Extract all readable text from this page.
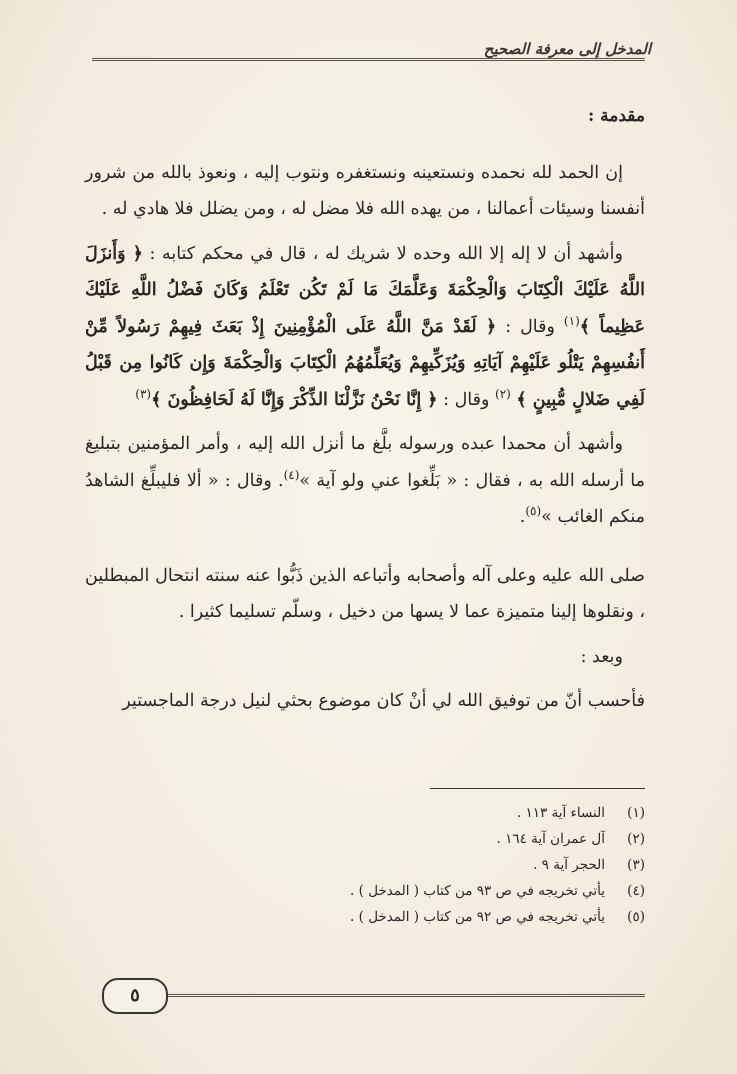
المدخل إلى معرفة الصحيح

مقدمة :

إن الحمد لله نحمده ونستعينه ونستغفره ونتوب إليه ، ونعوذ بالله من شرور أنفسنا وسيئات أعمالنا ، من يهده الله فلا مضل له ، ومن يضلل فلا هادي له .

وأشهد أن لا إله إلا الله وحده لا شريك له ، قال في محكم كتابه : ﴿ وَأَنزَلَ اللَّهُ عَلَيْكَ الْكِتَابَ وَالْحِكْمَةَ وَعَلَّمَكَ مَا لَمْ تَكُن تَعْلَمُ وَكَانَ فَضْلُ اللَّهِ عَلَيْكَ عَظِيماً ﴾$^{(١)}$ وقال : ﴿ لَقَدْ مَنَّ اللَّهُ عَلَى الْمُؤْمِنِينَ إِذْ بَعَثَ فِيهِمْ رَسُولاً مِّنْ أَنفُسِهِمْ يَتْلُو عَلَيْهِمْ آيَاتِهِ وَيُزَكِّيهِمْ وَيُعَلِّمُهُمُ الْكِتَابَ وَالْحِكْمَةَ وَإِن كَانُوا مِن قَبْلُ لَفِي ضَلالٍ مُّبِينٍ ﴾ $^{(٢)}$ وقال : ﴿ إِنَّا نَحْنُ نَزَّلْنَا الذِّكْرَ وَإِنَّا لَهُ لَحَافِظُونَ ﴾$^{(٣)}$

وأشهد أن محمدا عبده ورسوله بلَّغ ما أنزل الله إليه ، وأمر المؤمنين بتبليغ ما أرسله الله به ، فقال : « بَلِّغوا عني ولو آية »$^{(٤)}$. وقال : « ألا فليبلِّغ الشاهدُ منكم الغائب »$^{(٥)}$.

صلى الله عليه وعلى آله وأصحابه وأتباعه الذين ذَبُّوا عنه سنته انتحال المبطلين ، ونقلوها إلينا متميزة عما لا يسها من دخيل ، وسلّم تسليما كثيرا .

وبعد :

فأحسب أنّ من توفيق الله لي أنْ كان موضوع بحثي لنيل درجة الماجستير

(١)
النساء آية ١١٣ .
(٢)
آل عمران آية ١٦٤ .
(٣)
الحجر آية ٩ .
(٤)
يأتي تخريجه في ص ٩٣ من كتاب ( المدخل ) .
(٥)
يأتي تخريجه في ص ٩٢ من كتاب ( المدخل ) .
٥
